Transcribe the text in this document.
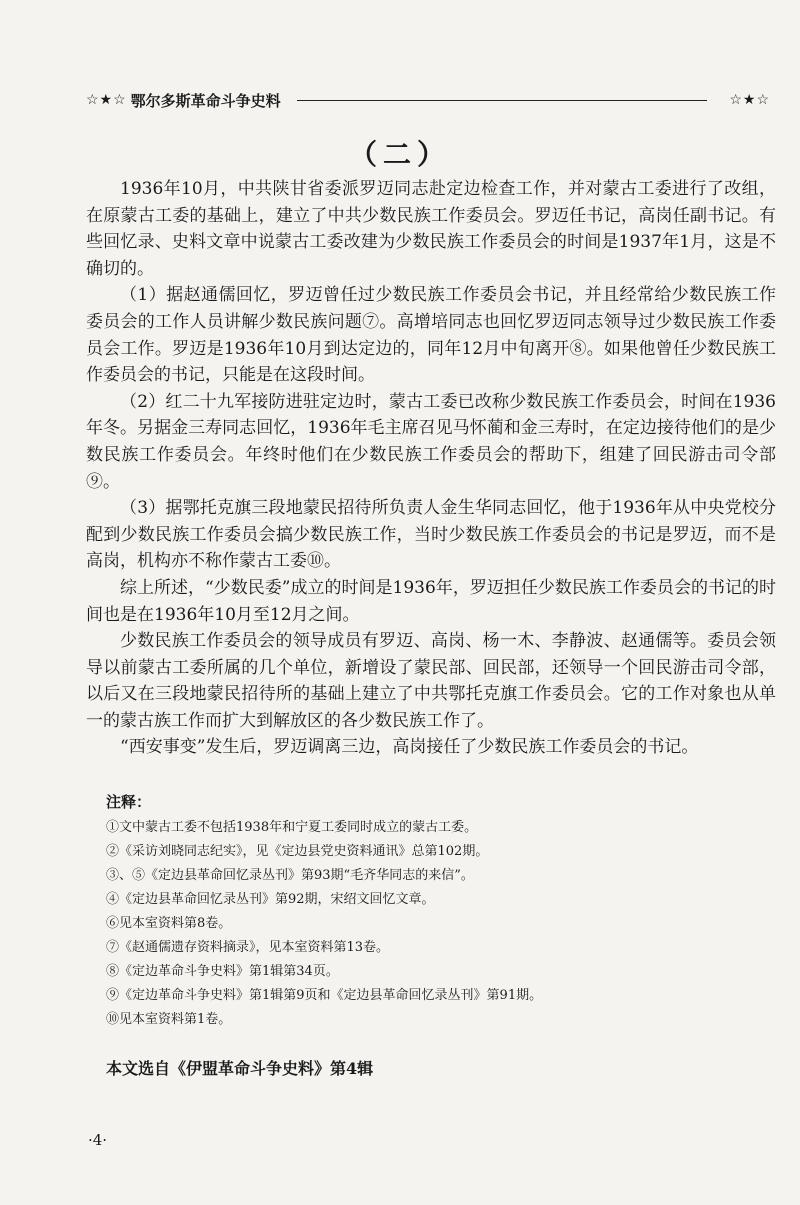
☆★☆ 鄂尔多斯革命斗争史料	☆★☆
（二）

1936年10月，中共陕甘省委派罗迈同志赴定边检查工作，并对蒙古工委进行了改组，在原蒙古工委的基础上，建立了中共少数民族工作委员会。罗迈任书记，高岗任副书记。有些回忆录、史料文章中说蒙古工委改建为少数民族工作委员会的时间是1937年1月，这是不确切的。

（1）据赵通儒回忆，罗迈曾任过少数民族工作委员会书记，并且经常给少数民族工作委员会的工作人员讲解少数民族问题⑦。高增培同志也回忆罗迈同志领导过少数民族工作委员会工作。罗迈是1936年10月到达定边的，同年12月中旬离开⑧。如果他曾任少数民族工作委员会的书记，只能是在这段时间。

（2）红二十九军接防进驻定边时，蒙古工委已改称少数民族工作委员会，时间在1936年冬。另据金三寿同志回忆，1936年毛主席召见马怀蔺和金三寿时，在定边接待他们的是少数民族工作委员会。年终时他们在少数民族工作委员会的帮助下，组建了回民游击司令部⑨。

（3）据鄂托克旗三段地蒙民招待所负责人金生华同志回忆，他于1936年从中央党校分配到少数民族工作委员会搞少数民族工作，当时少数民族工作委员会的书记是罗迈，而不是高岗，机构亦不称作蒙古工委⑩。

综上所述，“少数民委”成立的时间是1936年，罗迈担任少数民族工作委员会的书记的时间也是在1936年10月至12月之间。

少数民族工作委员会的领导成员有罗迈、高岗、杨一木、李静波、赵通儒等。委员会领导以前蒙古工委所属的几个单位，新增设了蒙民部、回民部，还领导一个回民游击司令部，以后又在三段地蒙民招待所的基础上建立了中共鄂托克旗工作委员会。它的工作对象也从单一的蒙古族工作而扩大到解放区的各少数民族工作了。

“西安事变”发生后，罗迈调离三边，高岗接任了少数民族工作委员会的书记。

注释：
①文中蒙古工委不包括1938年和宁夏工委同时成立的蒙古工委。
②《采访刘晓同志纪实》，见《定边县党史资料通讯》总第102期。
③、⑤《定边县革命回忆录丛刊》第93期“毛齐华同志的来信”。
④《定边县革命回忆录丛刊》第92期，宋绍文回忆文章。
⑥见本室资料第8卷。
⑦《赵通儒遗存资料摘录》，见本室资料第13卷。
⑧《定边革命斗争史料》第1辑第34页。
⑨《定边革命斗争史料》第1辑第9页和《定边县革命回忆录丛刊》第91期。
⑩见本室资料第1卷。
本文选自《伊盟革命斗争史料》第4辑
·4·
